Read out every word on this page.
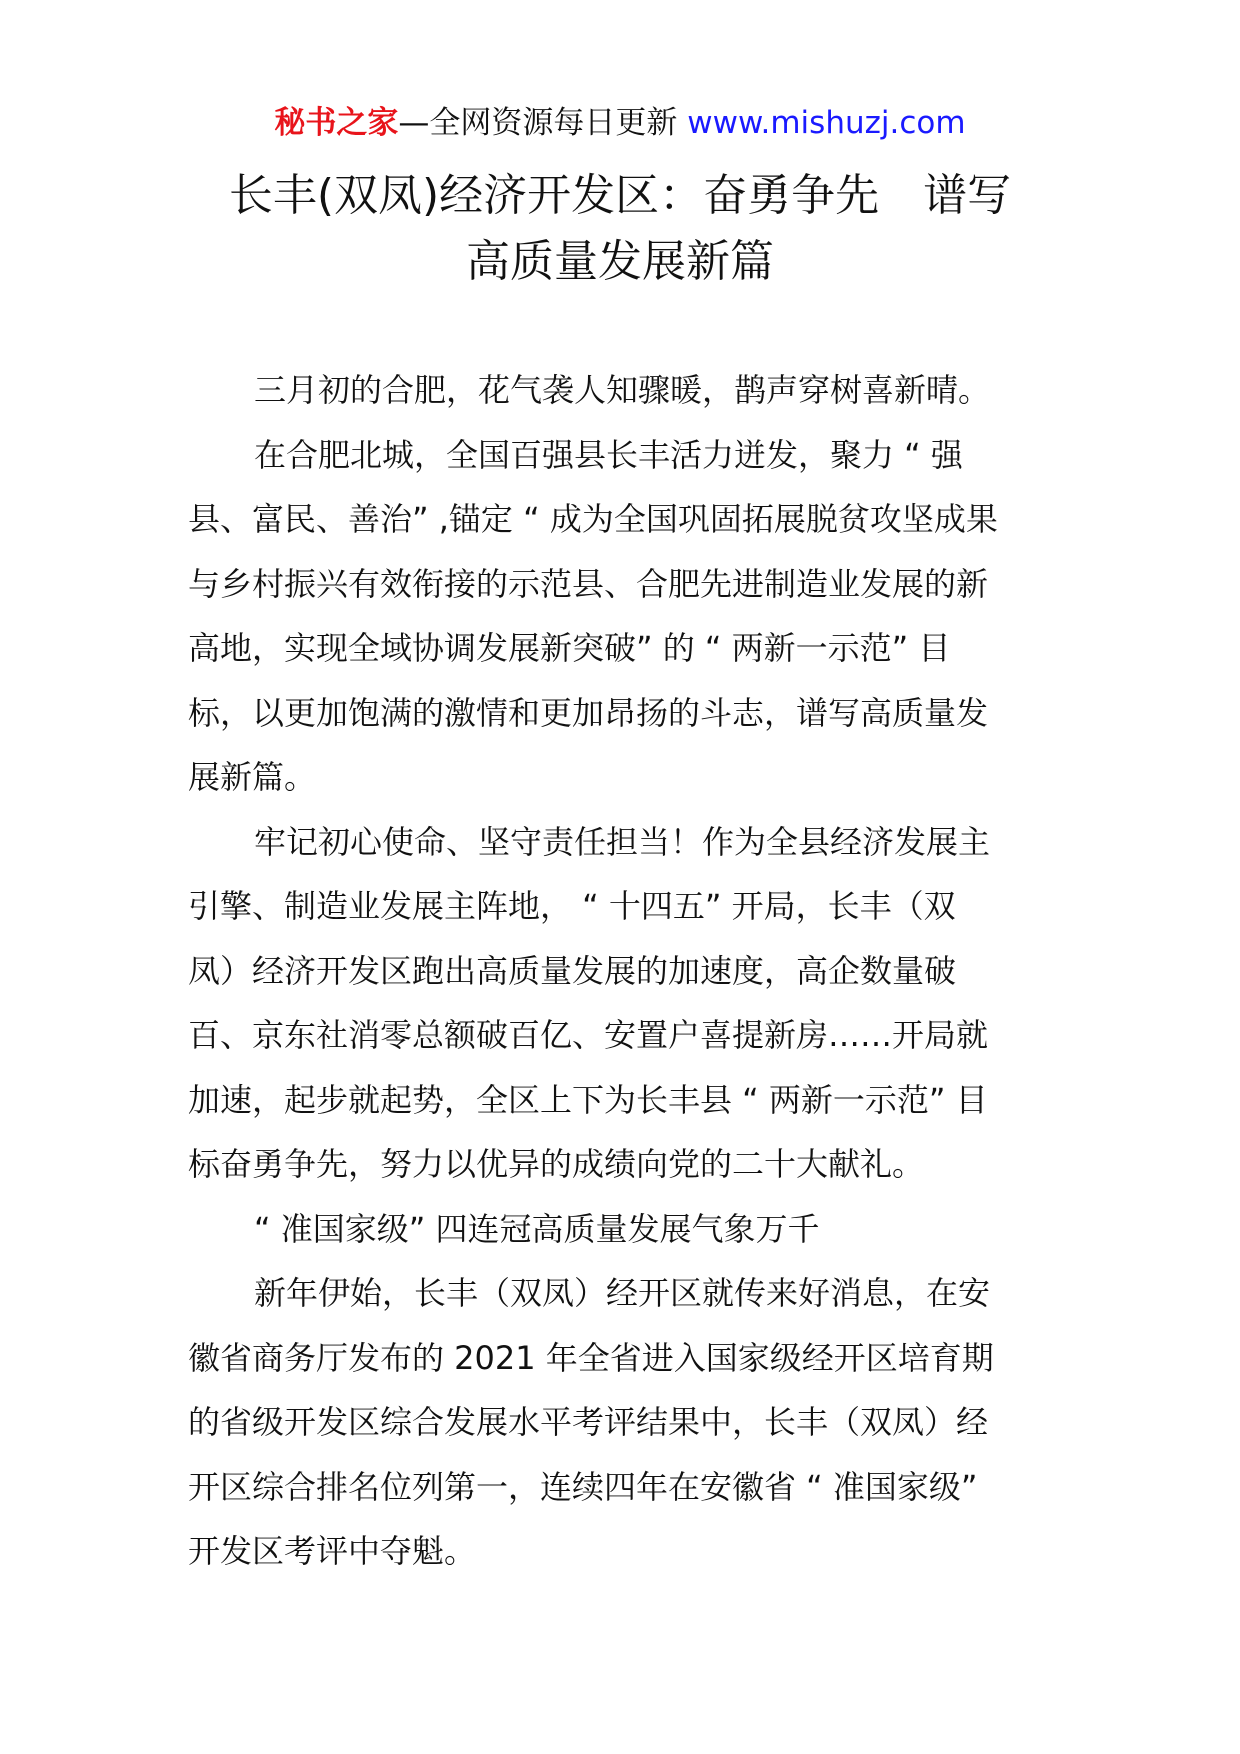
秘书之家—全网资源每日更新 www.mishuzj.com
长丰(双凤)经济开发区：奋勇争先　谱写
高质量发展新篇
三月初的合肥，花气袭人知骤暖，鹊声穿树喜新晴。
在合肥北城，全国百强县长丰活力迸发，聚力 “ 强
县、富民、善治” ,锚定 “ 成为全国巩固拓展脱贫攻坚成果
与乡村振兴有效衔接的示范县、合肥先进制造业发展的新
高地，实现全域协调发展新突破” 的 “ 两新一示范” 目
标，以更加饱满的激情和更加昂扬的斗志，谱写高质量发
展新篇。
牢记初心使命、坚守责任担当！作为全县经济发展主
引擎、制造业发展主阵地， “ 十四五” 开局，长丰（双
凤）经济开发区跑出高质量发展的加速度，高企数量破
百、京东社消零总额破百亿、安置户喜提新房……开局就
加速，起步就起势，全区上下为长丰县 “ 两新一示范” 目
标奋勇争先，努力以优异的成绩向党的二十大献礼。
“ 准国家级” 四连冠高质量发展气象万千
新年伊始，长丰（双凤）经开区就传来好消息，在安
徽省商务厅发布的 2021 年全省进入国家级经开区培育期
的省级开发区综合发展水平考评结果中，长丰（双凤）经
开区综合排名位列第一，连续四年在安徽省 “ 准国家级”
开发区考评中夺魁。
